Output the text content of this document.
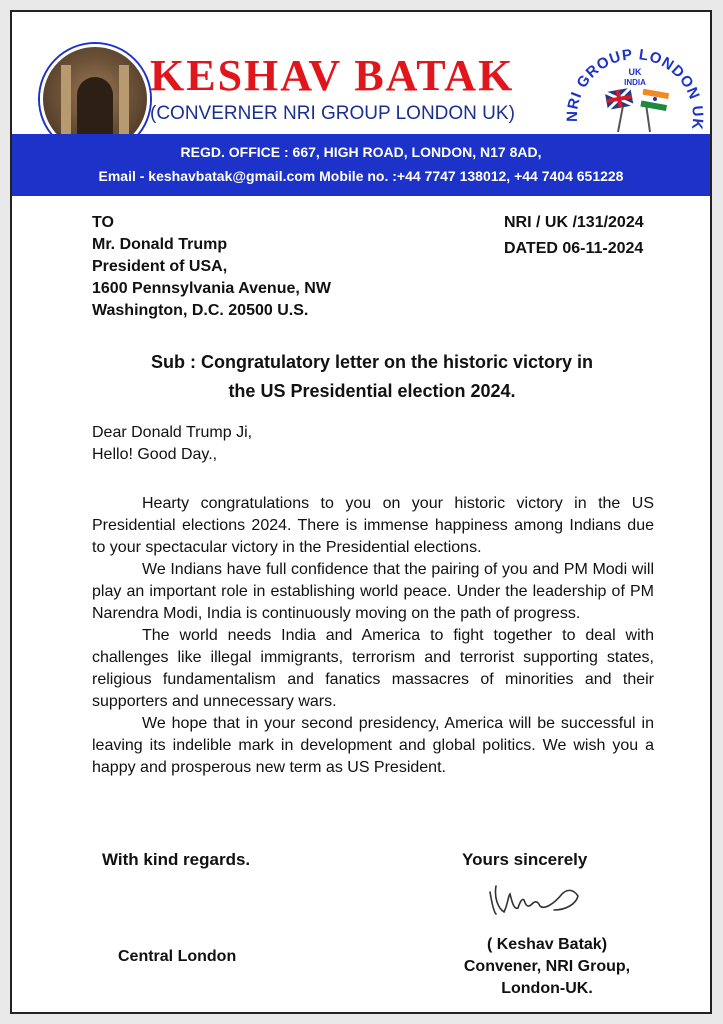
KESHAV BATAK
(CONVERNER NRI GROUP LONDON UK)	NRI GROUP LONDON UK
UK
INDIA
REGD. OFFICE : 667, HIGH ROAD, LONDON, N17 8AD,
Email - keshavbatak@gmail.com Mobile no. :+44 7747 138012, +44 7404 651228
TO
Mr. Donald Trump
President of USA,
1600 Pennsylvania Avenue, NW
Washington, D.C. 20500 U.S.
NRI / UK /131/2024
DATED 06-11-2024
Sub : Congratulatory letter on the historic victory in
the US Presidential election 2024.
Dear Donald Trump Ji,
Hello! Good Day.,

Hearty congratulations to you on your historic victory in the US Presidential elections 2024. There is immense happiness among Indians due to your spectacular victory in the Presidential elections.

We Indians have full confidence that the pairing of you and PM Modi will play an important role in establishing world peace. Under the leadership of PM Narendra Modi, India is continuously moving on the path of progress.

The world needs India and America to fight together to deal with challenges like illegal immigrants, terrorism and terrorist supporting states, religious fundamentalism and fanatics massacres of minorities and their supporters and unnecessary wars.

We hope that in your second presidency, America will be successful in leaving its indelible mark in development and global politics. We wish you a happy and prosperous new term as US President.

With kind regards.	Yours sincerely
Central London
( Keshav Batak)
Convener, NRI Group,
London-UK.
